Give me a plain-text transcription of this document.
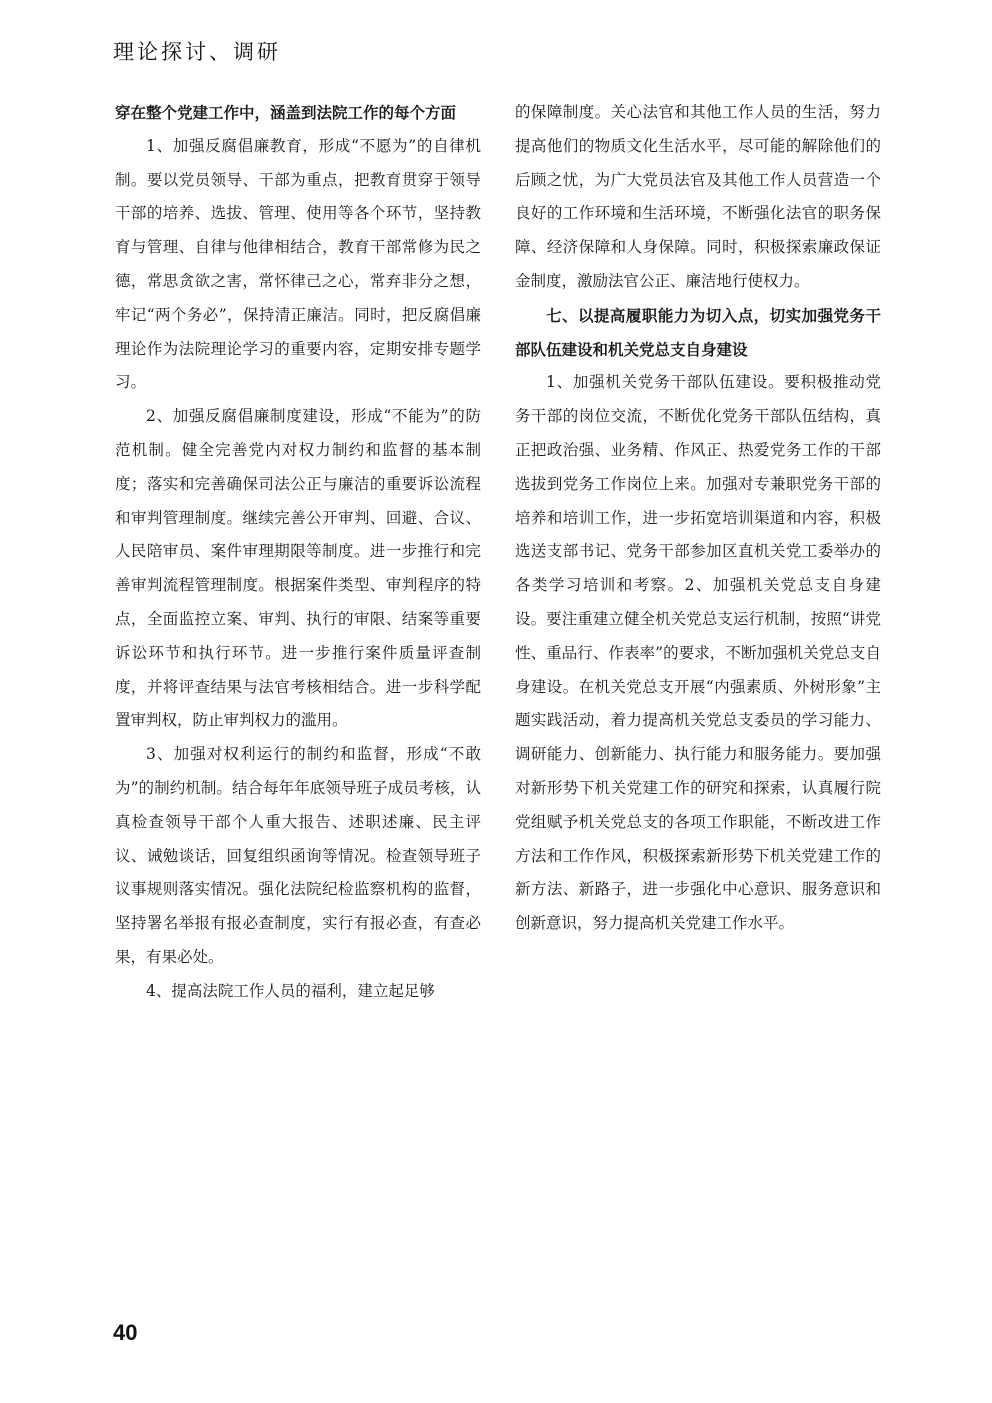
理论探讨、调研

穿在整个党建工作中，涵盖到法院工作的每个方面

1、加强反腐倡廉教育，形成“不愿为”的自律机制。要以党员领导、干部为重点，把教育贯穿于领导干部的培养、选拔、管理、使用等各个环节，坚持教育与管理、自律与他律相结合，教育干部常修为民之德，常思贪欲之害，常怀律己之心，常弃非分之想，牢记“两个务必”，保持清正廉洁。同时，把反腐倡廉理论作为法院理论学习的重要内容，定期安排专题学习。

2、加强反腐倡廉制度建设，形成“不能为”的防范机制。健全完善党内对权力制约和监督的基本制度；落实和完善确保司法公正与廉洁的重要诉讼流程和审判管理制度。继续完善公开审判、回避、合议、人民陪审员、案件审理期限等制度。进一步推行和完善审判流程管理制度。根据案件类型、审判程序的特点，全面监控立案、审判、执行的审限、结案等重要诉讼环节和执行环节。进一步推行案件质量评查制度，并将评查结果与法官考核相结合。进一步科学配置审判权，防止审判权力的滥用。

3、加强对权利运行的制约和监督，形成“不敢为”的制约机制。结合每年年底领导班子成员考核，认真检查领导干部个人重大报告、述职述廉、民主评议、诫勉谈话，回复组织函询等情况。检查领导班子议事规则落实情况。强化法院纪检监察机构的监督，坚持署名举报有报必查制度，实行有报必查，有查必果，有果必处。

4、提高法院工作人员的福利，建立起足够

的保障制度。关心法官和其他工作人员的生活，努力提高他们的物质文化生活水平，尽可能的解除他们的后顾之忧，为广大党员法官及其他工作人员营造一个良好的工作环境和生活环境，不断强化法官的职务保障、经济保障和人身保障。同时，积极探索廉政保证金制度，激励法官公正、廉洁地行使权力。

七、以提高履职能力为切入点，切实加强党务干部队伍建设和机关党总支自身建设

1、加强机关党务干部队伍建设。要积极推动党务干部的岗位交流，不断优化党务干部队伍结构，真正把政治强、业务精、作风正、热爱党务工作的干部选拔到党务工作岗位上来。加强对专兼职党务干部的培养和培训工作，进一步拓宽培训渠道和内容，积极选送支部书记、党务干部参加区直机关党工委举办的各类学习培训和考察。2、加强机关党总支自身建设。要注重建立健全机关党总支运行机制，按照“讲党性、重品行、作表率”的要求，不断加强机关党总支自身建设。在机关党总支开展“内强素质、外树形象”主题实践活动，着力提高机关党总支委员的学习能力、调研能力、创新能力、执行能力和服务能力。要加强对新形势下机关党建工作的研究和探索，认真履行院党组赋予机关党总支的各项工作职能，不断改进工作方法和工作作风，积极探索新形势下机关党建工作的新方法、新路子，进一步强化中心意识、服务意识和创新意识，努力提高机关党建工作水平。

40
